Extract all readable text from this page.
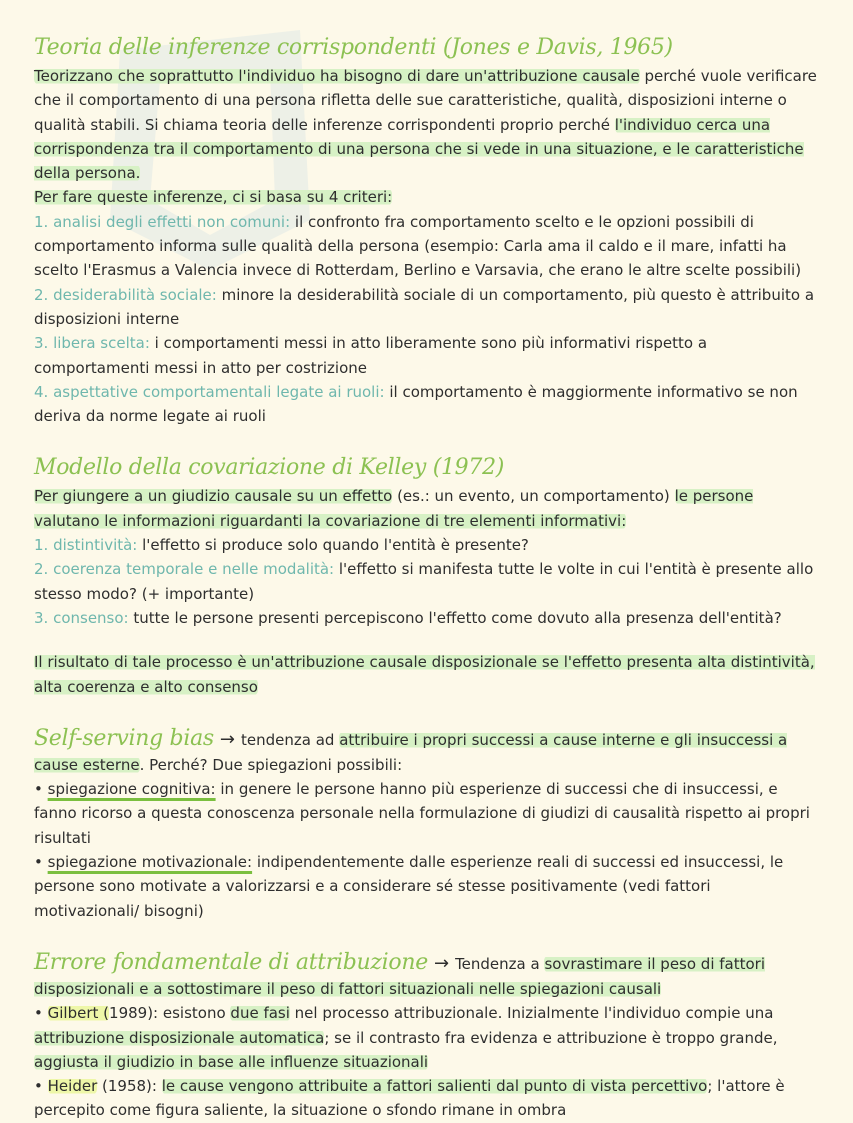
Teoria delle inferenze corrispondenti (Jones e Davis, 1965)

Teorizzano che soprattutto l'individuo ha bisogno di dare un'attribuzione causale perché vuole verificare che il comportamento di una persona rifletta delle sue caratteristiche, qualità, disposizioni interne o qualità stabili. Si chiama teoria delle inferenze corrispondenti proprio perché l'individuo cerca una corrispondenza tra il comportamento di una persona che si vede in una situazione, e le caratteristiche della persona.

Per fare queste inferenze, ci si basa su 4 criteri:

1. analisi degli effetti non comuni: il confronto fra comportamento scelto e le opzioni possibili di comportamento informa sulle qualità della persona (esempio: Carla ama il caldo e il mare, infatti ha scelto l'Erasmus a Valencia invece di Rotterdam, Berlino e Varsavia, che erano le altre scelte possibili)

2. desiderabilità sociale: minore la desiderabilità sociale di un comportamento, più questo è attribuito a disposizioni interne

3. libera scelta: i comportamenti messi in atto liberamente sono più informativi rispetto a comportamenti messi in atto per costrizione

4. aspettative comportamentali legate ai ruoli: il comportamento è maggiormente informativo se non deriva da norme legate ai ruoli

Modello della covariazione di Kelley (1972)

Per giungere a un giudizio causale su un effetto (es.: un evento, un comportamento) le persone valutano le informazioni riguardanti la covariazione di tre elementi informativi:

1. distintività: l'effetto si produce solo quando l'entità è presente?

2. coerenza temporale e nelle modalità: l'effetto si manifesta tutte le volte in cui l'entità è presente allo stesso modo? (+ importante)

3. consenso: tutte le persone presenti percepiscono l'effetto come dovuto alla presenza dell'entità?

Il risultato di tale processo è un'attribuzione causale disposizionale se l'effetto presenta alta distintività, alta coerenza e alto consenso

Self-serving bias → tendenza ad attribuire i propri successi a cause interne e gli insuccessi a cause esterne. Perché? Due spiegazioni possibili:

• spiegazione cognitiva: in genere le persone hanno più esperienze di successi che di insuccessi, e fanno ricorso a questa conoscenza personale nella formulazione di giudizi di causalità rispetto ai propri risultati

• spiegazione motivazionale: indipendentemente dalle esperienze reali di successi ed insuccessi, le persone sono motivate a valorizzarsi e a considerare sé stesse positivamente (vedi fattori motivazionali/ bisogni)

Errore fondamentale di attribuzione → Tendenza a sovrastimare il peso di fattori disposizionali e a sottostimare il peso di fattori situazionali nelle spiegazioni causali

• Gilbert (1989): esistono due fasi nel processo attribuzionale. Inizialmente l'individuo compie una attribuzione disposizionale automatica; se il contrasto fra evidenza e attribuzione è troppo grande, aggiusta il giudizio in base alle influenze situazionali

• Heider (1958): le cause vengono attribuite a fattori salienti dal punto di vista percettivo; l'attore è percepito come figura saliente, la situazione o sfondo rimane in ombra
